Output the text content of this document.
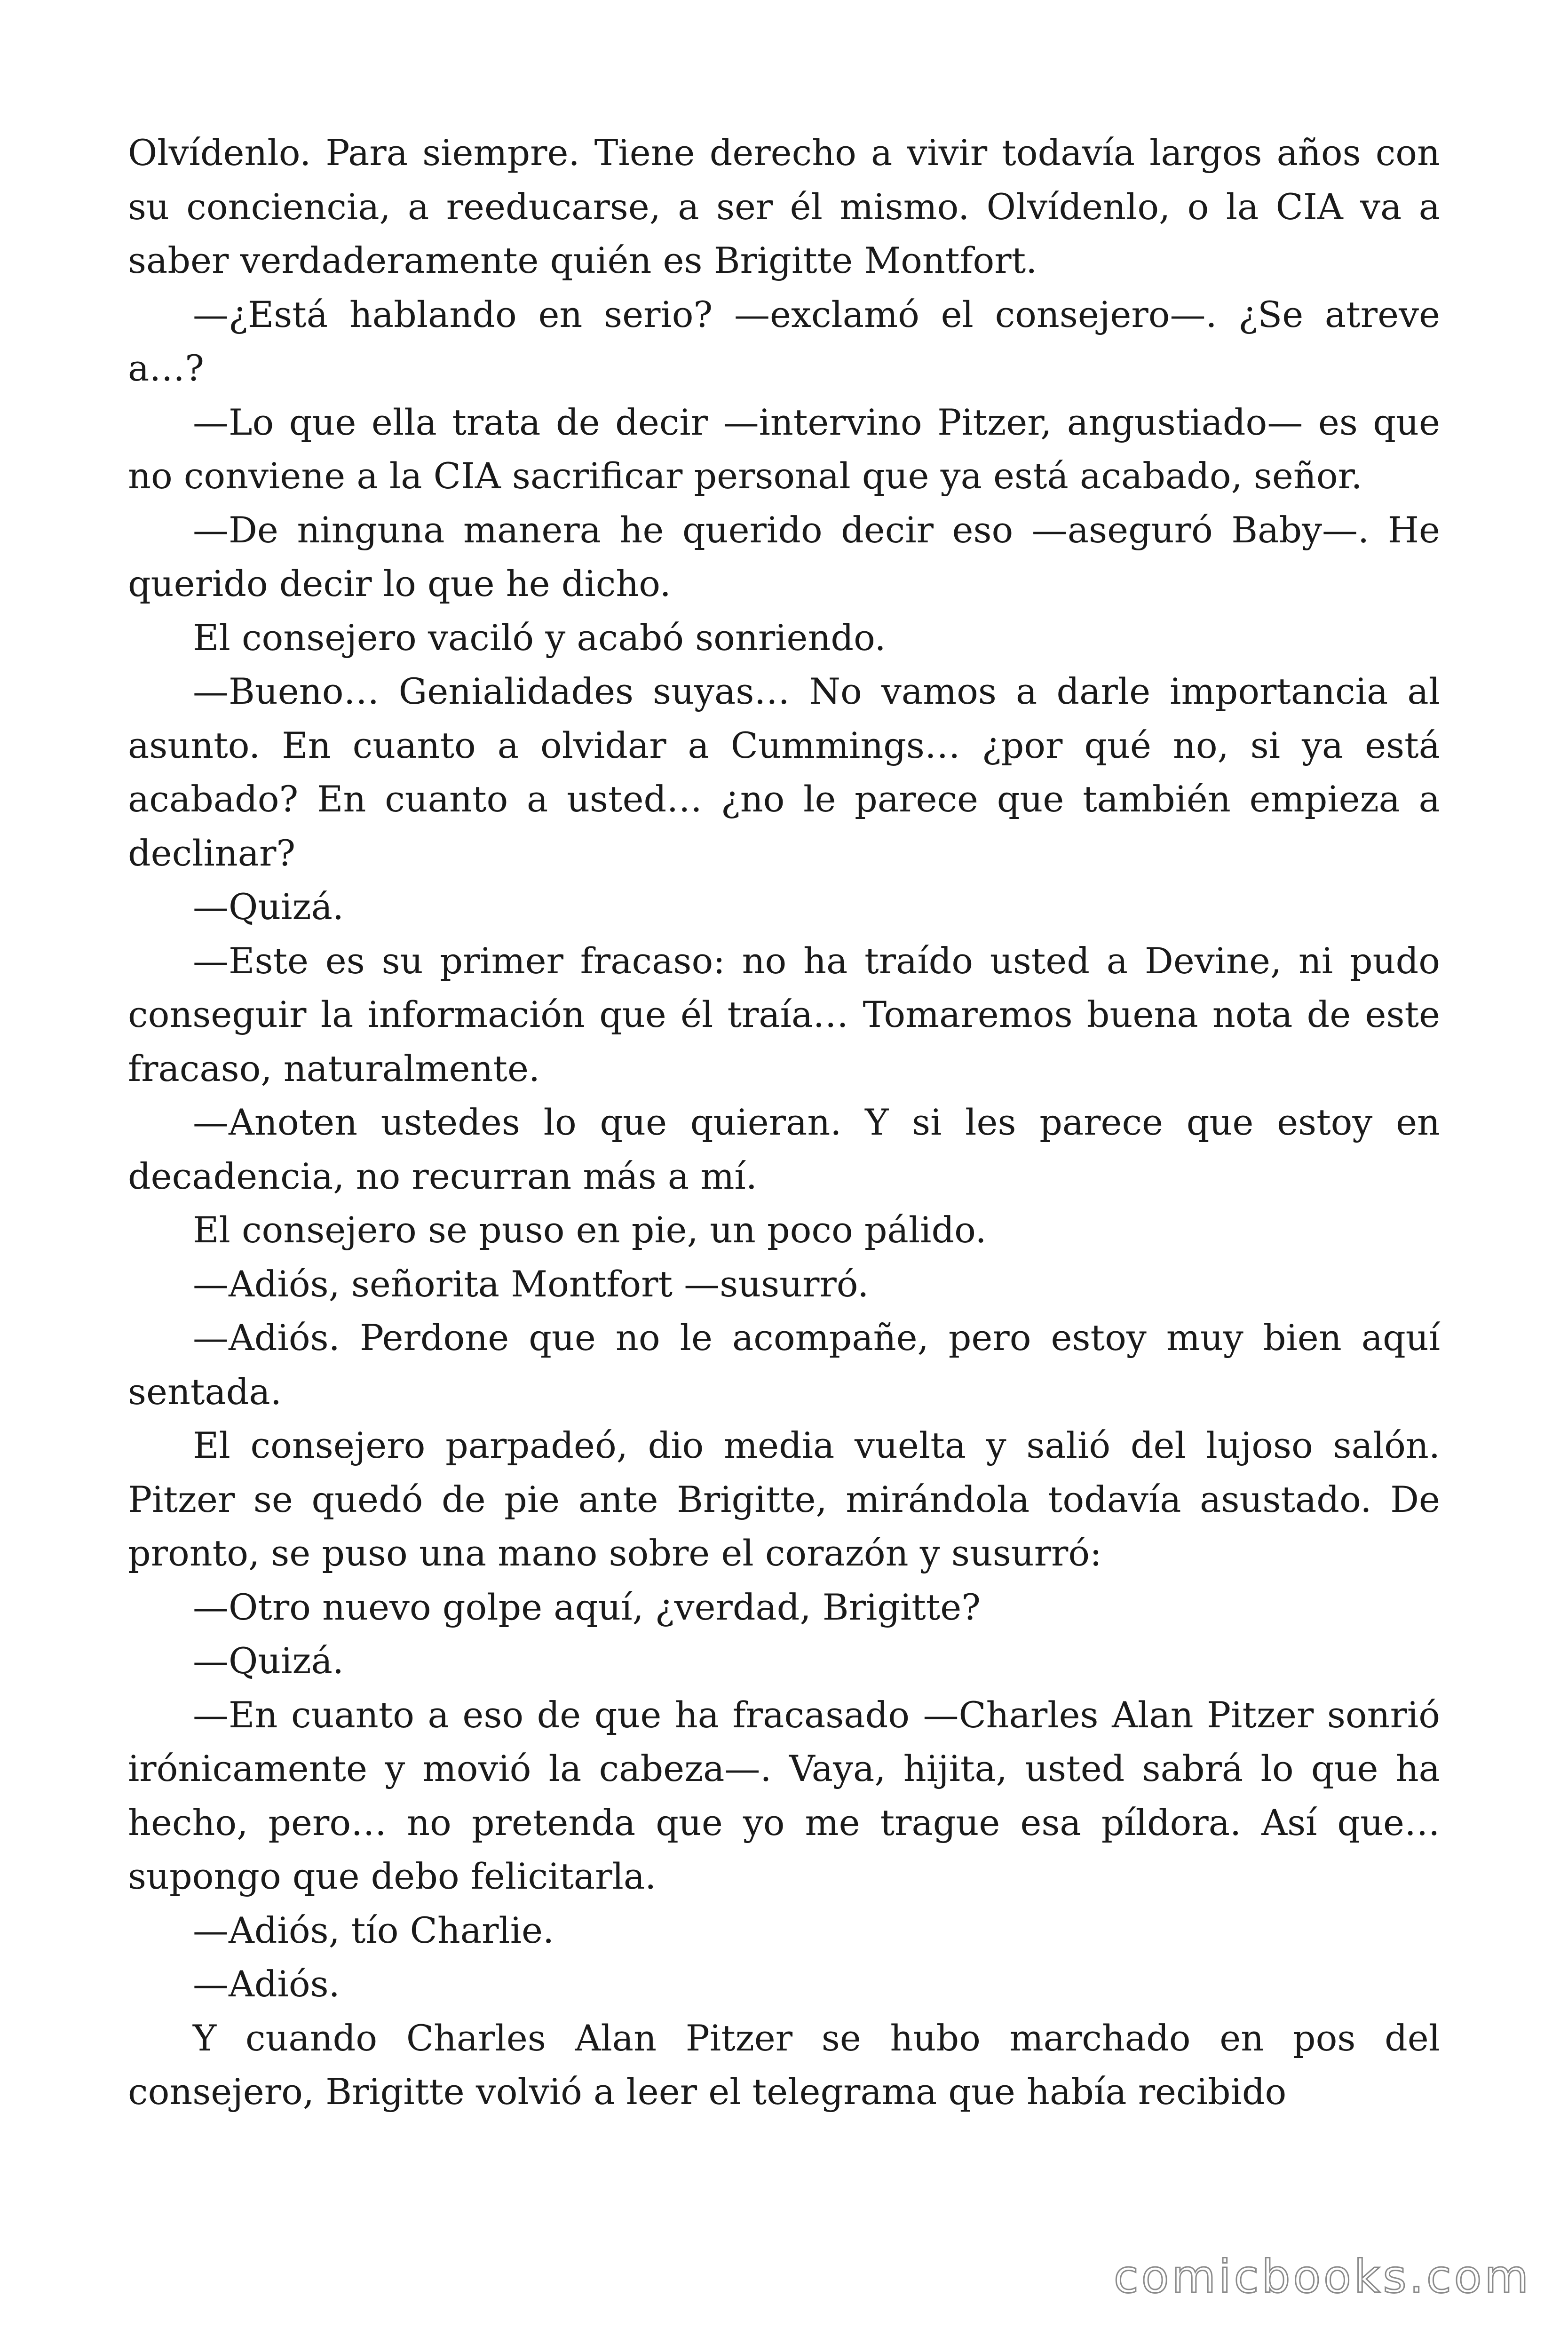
Olvídenlo. Para siempre. Tiene derecho a vivir todavía largos años con su conciencia, a reeducarse, a ser él mismo. Olvídenlo, o la CIA va a saber verdaderamente quién es Brigitte Montfort.

—¿Está hablando en serio? —exclamó el consejero—. ¿Se atreve a…?

—Lo que ella trata de decir —intervino Pitzer, angustiado— es que no conviene a la CIA sacrificar personal que ya está acabado, señor.

—De ninguna manera he querido decir eso —aseguró Baby—. He querido decir lo que he dicho.

El consejero vaciló y acabó sonriendo.

—Bueno… Genialidades suyas… No vamos a darle importancia al asunto. En cuanto a olvidar a Cummings… ¿por qué no, si ya está acabado? En cuanto a usted… ¿no le parece que también empieza a declinar?

—Quizá.

—Este es su primer fracaso: no ha traído usted a Devine, ni pudo conseguir la información que él traía… Tomaremos buena nota de este fracaso, naturalmente.

—Anoten ustedes lo que quieran. Y si les parece que estoy en decadencia, no recurran más a mí.

El consejero se puso en pie, un poco pálido.

—Adiós, señorita Montfort —susurró.

—Adiós. Perdone que no le acompañe, pero estoy muy bien aquí sentada.

El consejero parpadeó, dio media vuelta y salió del lujoso salón. Pitzer se quedó de pie ante Brigitte, mirándola todavía asustado. De pronto, se puso una mano sobre el corazón y susurró:

—Otro nuevo golpe aquí, ¿verdad, Brigitte?

—Quizá.

—En cuanto a eso de que ha fracasado —Charles Alan Pitzer sonrió irónicamente y movió la cabeza—. Vaya, hijita, usted sabrá lo que ha hecho, pero… no pretenda que yo me trague esa píldora. Así que… supongo que debo felicitarla.

—Adiós, tío Charlie.

—Adiós.

Y cuando Charles Alan Pitzer se hubo marchado en pos del consejero, Brigitte volvió a leer el telegrama que había recibido

comicbooks.com
